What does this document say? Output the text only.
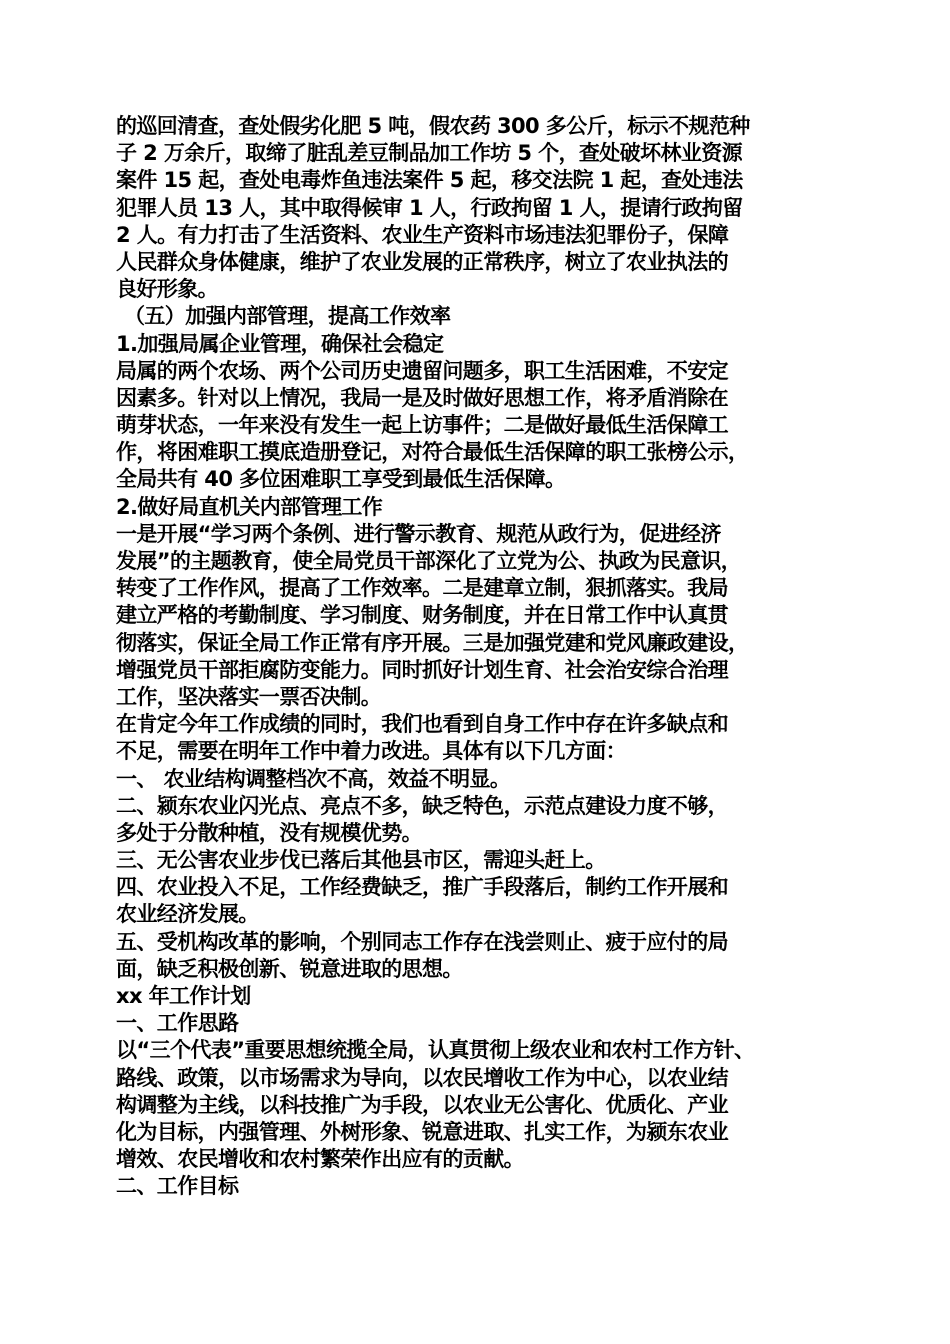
的巡回清查，查处假劣化肥 5 吨，假农药 300 多公斤，标示不规范种
子 2 万余斤，取缔了脏乱差豆制品加工作坊 5 个，查处破坏林业资源
案件 15 起，查处电毒炸鱼违法案件 5 起，移交法院 1 起，查处违法
犯罪人员 13 人，其中取得候审 1 人，行政拘留 1 人，提请行政拘留
2 人。有力打击了生活资料、农业生产资料市场违法犯罪份子，保障
人民群众身体健康，维护了农业发展的正常秩序，树立了农业执法的
良好形象。
（五）加强内部管理，提高工作效率
1.加强局属企业管理，确保社会稳定
局属的两个农场、两个公司历史遗留问题多，职工生活困难，不安定
因素多。针对以上情况，我局一是及时做好思想工作，将矛盾消除在
萌芽状态，一年来没有发生一起上访事件；二是做好最低生活保障工
作，将困难职工摸底造册登记，对符合最低生活保障的职工张榜公示，
全局共有 40 多位困难职工享受到最低生活保障。
2.做好局直机关内部管理工作
一是开展“学习两个条例、进行警示教育、规范从政行为，促进经济
发展”的主题教育，使全局党员干部深化了立党为公、执政为民意识，
转变了工作作风，提高了工作效率。二是建章立制，狠抓落实。我局
建立严格的考勤制度、学习制度、财务制度，并在日常工作中认真贯
彻落实，保证全局工作正常有序开展。三是加强党建和党风廉政建设，
增强党员干部拒腐防变能力。同时抓好计划生育、社会治安综合治理
工作，坚决落实一票否决制。
在肯定今年工作成绩的同时，我们也看到自身工作中存在许多缺点和
不足，需要在明年工作中着力改进。具体有以下几方面：
一、 农业结构调整档次不高，效益不明显。
二、颍东农业闪光点、亮点不多，缺乏特色，示范点建设力度不够，
多处于分散种植，没有规模优势。
三、无公害农业步伐已落后其他县市区，需迎头赶上。
四、农业投入不足，工作经费缺乏，推广手段落后，制约工作开展和
农业经济发展。
五、受机构改革的影响，个别同志工作存在浅尝则止、疲于应付的局
面，缺乏积极创新、锐意进取的思想。
xx 年工作计划
一、工作思路
以“三个代表”重要思想统揽全局，认真贯彻上级农业和农村工作方针、
路线、政策，以市场需求为导向，以农民增收工作为中心，以农业结
构调整为主线，以科技推广为手段，以农业无公害化、优质化、产业
化为目标，内强管理、外树形象、锐意进取、扎实工作，为颍东农业
增效、农民增收和农村繁荣作出应有的贡献。
二、工作目标
